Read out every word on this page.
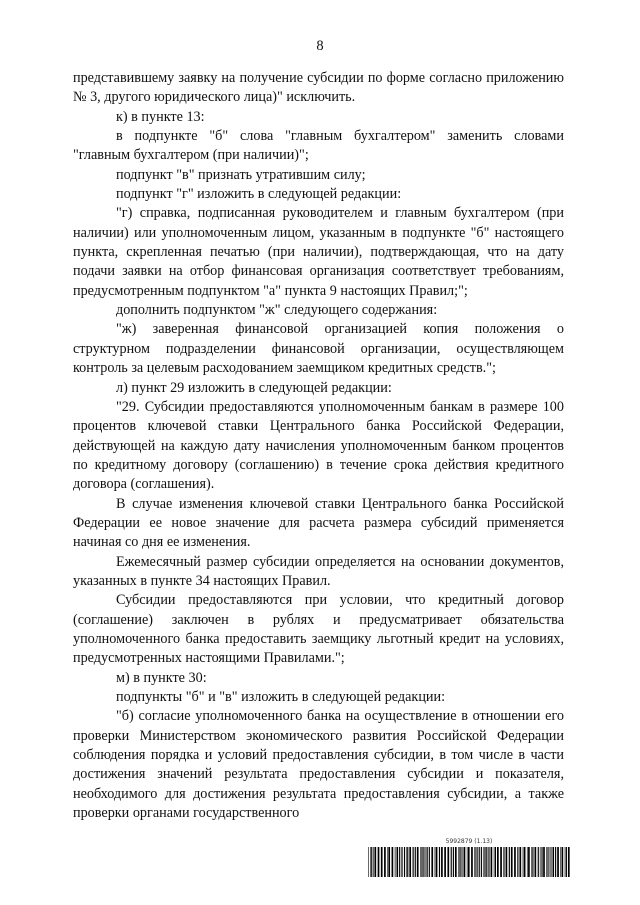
8

представившему заявку на получение субсидии по форме согласно приложению № 3, другого юридического лица)" исключить.

к) в пункте 13:

в подпункте "б" слова "главным бухгалтером" заменить словами "главным бухгалтером (при наличии)";

подпункт "в" признать утратившим силу;

подпункт "г" изложить в следующей редакции:

"г) справка, подписанная руководителем и главным бухгалтером (при наличии) или уполномоченным лицом, указанным в подпункте "б" настоящего пункта, скрепленная печатью (при наличии), подтверждающая, что на дату подачи заявки на отбор финансовая организация соответствует требованиям, предусмотренным подпунктом "а" пункта 9 настоящих Правил;";

дополнить подпунктом "ж" следующего содержания:

"ж) заверенная финансовой организацией копия положения о структурном подразделении финансовой организации, осуществляющем контроль за целевым расходованием заемщиком кредитных средств.";

л) пункт 29 изложить в следующей редакции:

"29. Субсидии предоставляются уполномоченным банкам в размере 100 процентов ключевой ставки Центрального банка Российской Федерации, действующей на каждую дату начисления уполномоченным банком процентов по кредитному договору (соглашению) в течение срока действия кредитного договора (соглашения).

В случае изменения ключевой ставки Центрального банка Российской Федерации ее новое значение для расчета размера субсидий применяется начиная со дня ее изменения.

Ежемесячный размер субсидии определяется на основании документов, указанных в пункте 34 настоящих Правил.

Субсидии предоставляются при условии, что кредитный договор (соглашение) заключен в рублях и предусматривает обязательства уполномоченного банка предоставить заемщику льготный кредит на условиях, предусмотренных настоящими Правилами.";

м) в пункте 30:

подпункты "б" и "в" изложить в следующей редакции:

"б) согласие уполномоченного банка на осуществление в отношении его проверки Министерством экономического развития Российской Федерации соблюдения порядка и условий предоставления субсидии, в том числе в части достижения значений результата предоставления субсидии и показателя, необходимого для достижения результата предоставления субсидии, а также проверки органами государственного

5992879 (1.13)
